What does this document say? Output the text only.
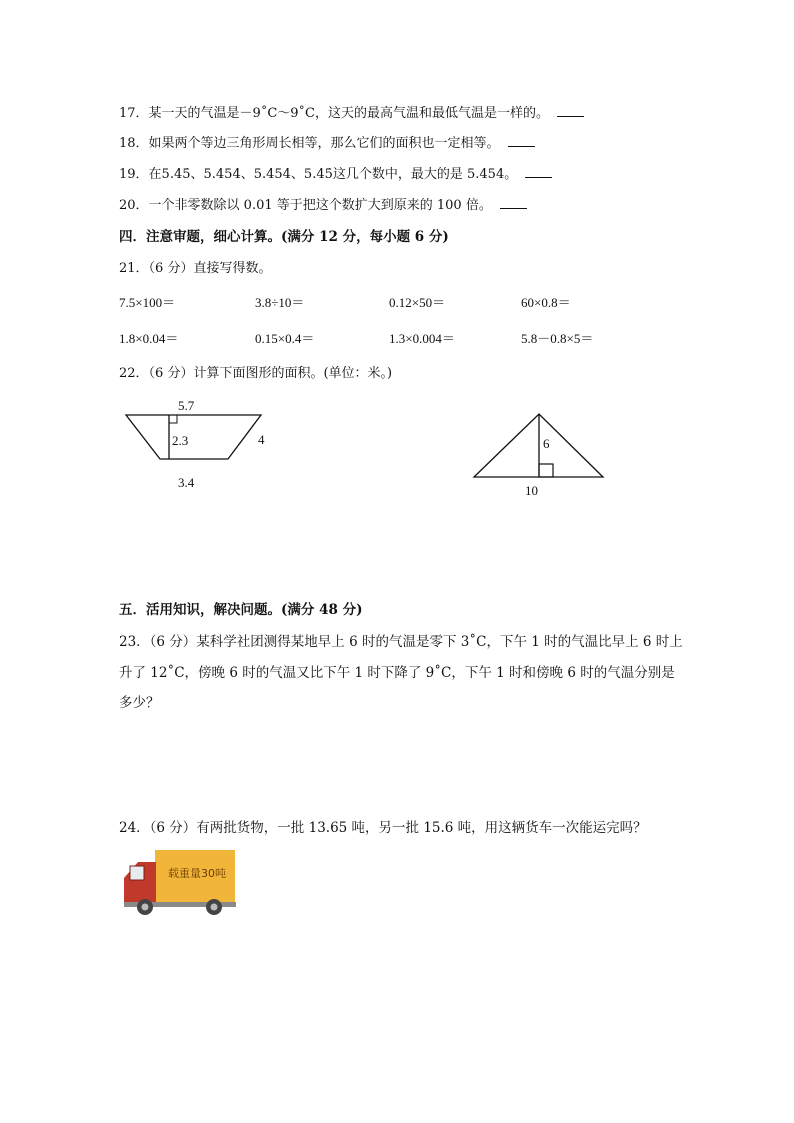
17．某一天的气温是－9˚C～9˚C，这天的最高气温和最低气温是一样的。
18．如果两个等边三角形周长相等，那么它们的面积也一定相等。
19．在5.4̇5̇、5.454̇、5.4̇54̇、5.45̇这几个数中，最大的是 5.454。
20．一个非零数除以 0.01 等于把这个数扩大到原来的 100 倍。
四．注意审题，细心计算。(满分 12 分，每小题 6 分)
21．（6 分）直接写得数。
7.5×100＝	3.8÷10＝	0.12×50＝	60×0.8＝
1.8×0.04＝	0.15×0.4＝	1.3×0.004＝	5.8－0.8×5＝
22．（6 分）计算下面图形的面积。(单位：米。)
5.7
2.3	4
3.4
6
10
五．活用知识，解决问题。(满分 48 分)
23．（6 分）某科学社团测得某地早上 6 时的气温是零下 3˚C，下午 1 时的气温比早上 6 时上
升了 12˚C，傍晚 6 时的气温又比下午 1 时下降了 9˚C，下午 1 时和傍晚 6 时的气温分别是
多少？
24．（6 分）有两批货物，一批 13.65 吨，另一批 15.6 吨，用这辆货车一次能运完吗？
载重量30吨
